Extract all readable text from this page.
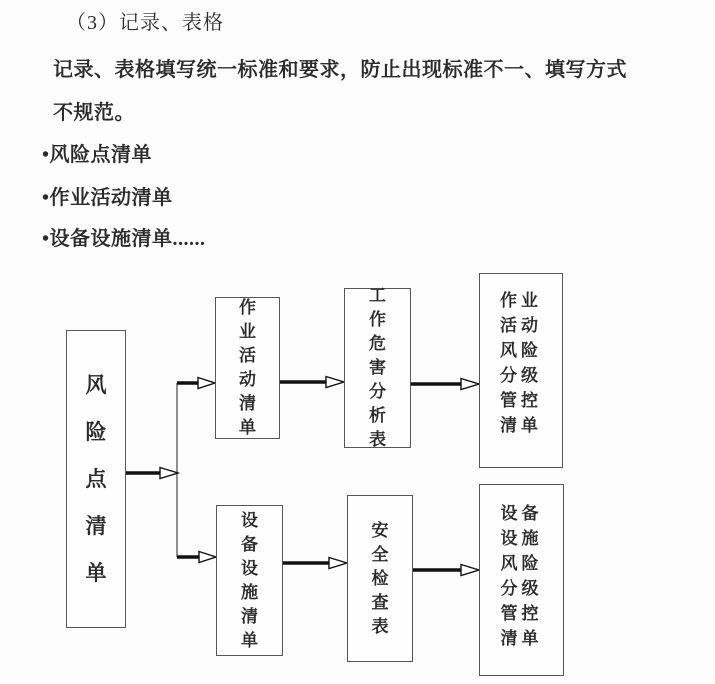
（3）记录、表格
记录、表格填写统一标准和要求，防止出现标准不一、填写方式
不规范。
•风险点清单
•作业活动清单
•设备设施清单......
风险点清单
作业活动清单
工作危害分析表
作业活动风险分级管控清单
设备设施清单
安全检查表
设备设施风险分级管控清单
